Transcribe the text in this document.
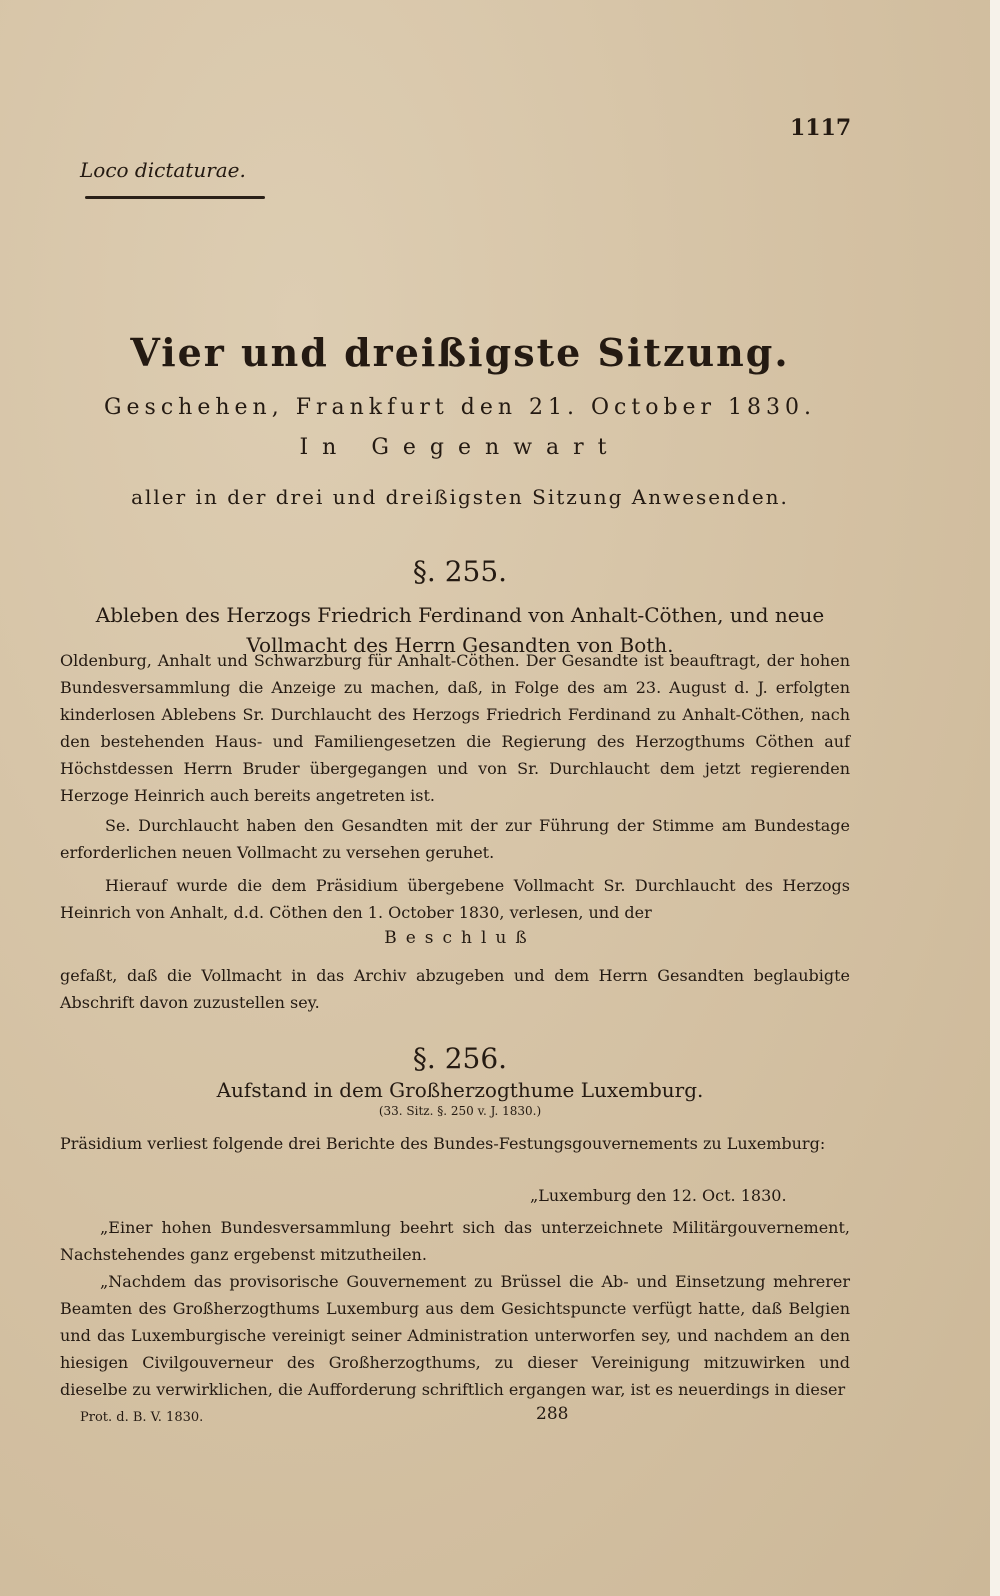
1117
Loco dictaturae.
Vier und dreißigste Sitzung.
Geschehen, Frankfurt den 21. October 1830.
In Gegenwart
aller in der drei und dreißigsten Sitzung Anwesenden.
§. 255.
Ableben des Herzogs Friedrich Ferdinand von Anhalt-Cöthen, und neue Vollmacht des Herrn Gesandten von Both.
Oldenburg, Anhalt und Schwarzburg für Anhalt-Cöthen. Der Gesandte ist beauftragt, der hohen Bundesversammlung die Anzeige zu machen, daß, in Folge des am 23. August d. J. erfolgten kinderlosen Ablebens Sr. Durchlaucht des Herzogs Friedrich Ferdinand zu Anhalt-Cöthen, nach den bestehenden Haus- und Familiengesetzen die Regierung des Herzogthums Cöthen auf Höchstdessen Herrn Bruder übergegangen und von Sr. Durchlaucht dem jetzt regierenden Herzoge Heinrich auch bereits angetreten ist.
Se. Durchlaucht haben den Gesandten mit der zur Führung der Stimme am Bundestage erforderlichen neuen Vollmacht zu versehen geruhet.
Hierauf wurde die dem Präsidium übergebene Vollmacht Sr. Durchlaucht des Herzogs Heinrich von Anhalt, d.d. Cöthen den 1. October 1830, verlesen, und der
Beschluß
gefaßt, daß die Vollmacht in das Archiv abzugeben und dem Herrn Gesandten beglaubigte Abschrift davon zuzustellen sey.
§. 256.
Aufstand in dem Großherzogthume Luxemburg.
(33. Sitz. §. 250 v. J. 1830.)
Präsidium verliest folgende drei Berichte des Bundes-Festungsgouvernements zu Luxemburg:
„Luxemburg den 12. Oct. 1830.
„Einer hohen Bundesversammlung beehrt sich das unterzeichnete Militärgouvernement, Nachstehendes ganz ergebenst mitzutheilen.
„Nachdem das provisorische Gouvernement zu Brüssel die Ab- und Einsetzung mehrerer Beamten des Großherzogthums Luxemburg aus dem Gesichtspuncte verfügt hatte, daß Belgien und das Luxemburgische vereinigt seiner Administration unterworfen sey, und nachdem an den hiesigen Civilgouverneur des Großherzogthums, zu dieser Vereinigung mitzuwirken und dieselbe zu verwirklichen, die Aufforderung schriftlich ergangen war, ist es neuerdings in dieser
Prot. d. B. V. 1830.	288
